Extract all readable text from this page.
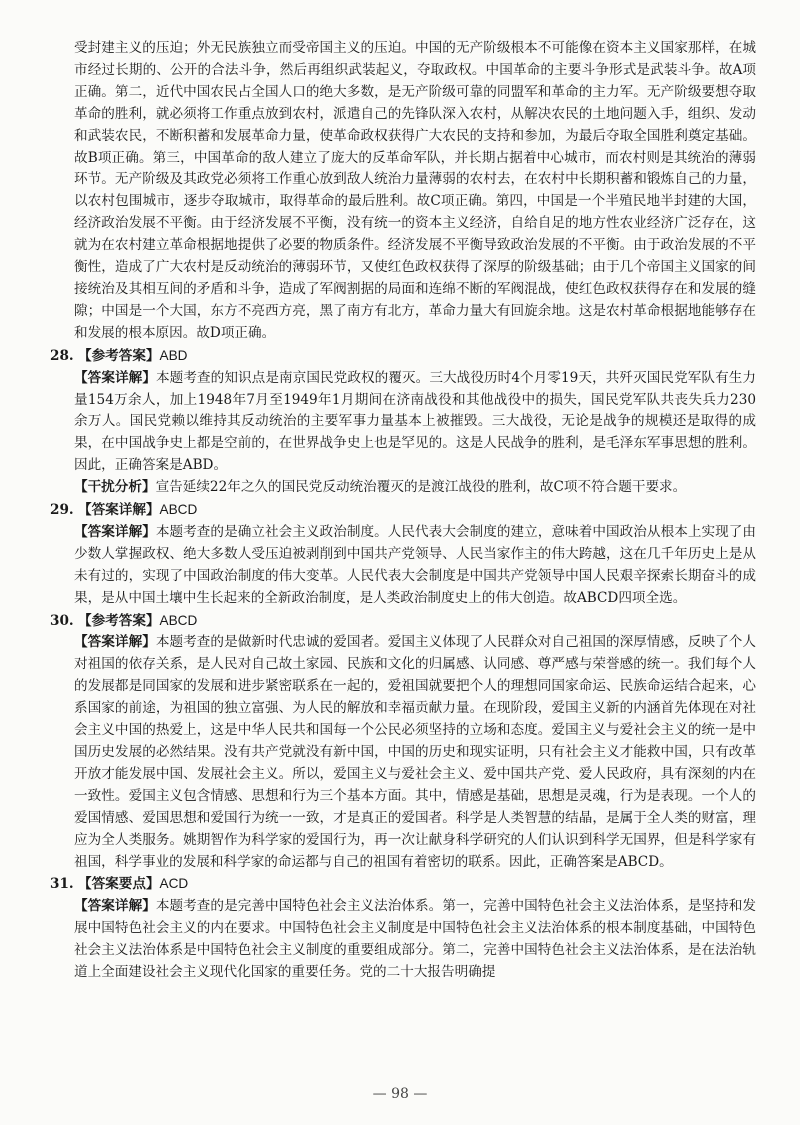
受封建主义的压迫；外无民族独立而受帝国主义的压迫。中国的无产阶级根本不可能像在资本主义国家那样，在城市经过长期的、公开的合法斗争，然后再组织武装起义，夺取政权。中国革命的主要斗争形式是武装斗争。故A项正确。第二，近代中国农民占全国人口的绝大多数，是无产阶级可靠的同盟军和革命的主力军。无产阶级要想夺取革命的胜利，就必须将工作重点放到农村，派遣自己的先锋队深入农村，从解决农民的土地问题入手，组织、发动和武装农民，不断积蓄和发展革命力量，使革命政权获得广大农民的支持和参加，为最后夺取全国胜利奠定基础。故B项正确。第三，中国革命的敌人建立了庞大的反革命军队，并长期占据着中心城市，而农村则是其统治的薄弱环节。无产阶级及其政党必须将工作重心放到敌人统治力量薄弱的农村去，在农村中长期积蓄和锻炼自己的力量，以农村包围城市，逐步夺取城市，取得革命的最后胜利。故C项正确。第四，中国是一个半殖民地半封建的大国，经济政治发展不平衡。由于经济发展不平衡，没有统一的资本主义经济，自给自足的地方性农业经济广泛存在，这就为在农村建立革命根据地提供了必要的物质条件。经济发展不平衡导致政治发展的不平衡。由于政治发展的不平衡性，造成了广大农村是反动统治的薄弱环节，又使红色政权获得了深厚的阶级基础；由于几个帝国主义国家的间接统治及其相互间的矛盾和斗争，造成了军阀割据的局面和连绵不断的军阀混战，使红色政权获得存在和发展的缝隙；中国是一个大国，东方不亮西方亮，黑了南方有北方，革命力量大有回旋余地。这是农村革命根据地能够存在和发展的根本原因。故D项正确。

28. 【参考答案】ABD

【答案详解】本题考查的知识点是南京国民党政权的覆灭。三大战役历时4个月零19天，共歼灭国民党军队有生力量154万余人，加上1948年7月至1949年1月期间在济南战役和其他战役中的损失，国民党军队共丧失兵力230余万人。国民党赖以维持其反动统治的主要军事力量基本上被摧毁。三大战役，无论是战争的规模还是取得的成果，在中国战争史上都是空前的，在世界战争史上也是罕见的。这是人民战争的胜利，是毛泽东军事思想的胜利。因此，正确答案是ABD。

【干扰分析】宣告延续22年之久的国民党反动统治覆灭的是渡江战役的胜利，故C项不符合题干要求。

29. 【答案详解】ABCD

【答案详解】本题考查的是确立社会主义政治制度。人民代表大会制度的建立，意味着中国政治从根本上实现了由少数人掌握政权、绝大多数人受压迫被剥削到中国共产党领导、人民当家作主的伟大跨越，这在几千年历史上是从未有过的，实现了中国政治制度的伟大变革。人民代表大会制度是中国共产党领导中国人民艰辛探索长期奋斗的成果，是从中国土壤中生长起来的全新政治制度，是人类政治制度史上的伟大创造。故ABCD四项全选。

30. 【参考答案】ABCD

【答案详解】本题考查的是做新时代忠诚的爱国者。爱国主义体现了人民群众对自己祖国的深厚情感，反映了个人对祖国的依存关系，是人民对自己故土家园、民族和文化的归属感、认同感、尊严感与荣誉感的统一。我们每个人的发展都是同国家的发展和进步紧密联系在一起的，爱祖国就要把个人的理想同国家命运、民族命运结合起来，心系国家的前途，为祖国的独立富强、为人民的解放和幸福贡献力量。在现阶段，爱国主义新的内涵首先体现在对社会主义中国的热爱上，这是中华人民共和国每一个公民必须坚持的立场和态度。爱国主义与爱社会主义的统一是中国历史发展的必然结果。没有共产党就没有新中国，中国的历史和现实证明，只有社会主义才能救中国，只有改革开放才能发展中国、发展社会主义。所以，爱国主义与爱社会主义、爱中国共产党、爱人民政府，具有深刻的内在一致性。爱国主义包含情感、思想和行为三个基本方面。其中，情感是基础，思想是灵魂，行为是表现。一个人的爱国情感、爱国思想和爱国行为统一一致，才是真正的爱国者。科学是人类智慧的结晶，是属于全人类的财富，理应为全人类服务。姚期智作为科学家的爱国行为，再一次让献身科学研究的人们认识到科学无国界，但是科学家有祖国，科学事业的发展和科学家的命运都与自己的祖国有着密切的联系。因此，正确答案是ABCD。

31. 【答案要点】ACD

【答案详解】本题考查的是完善中国特色社会主义法治体系。第一，完善中国特色社会主义法治体系，是坚持和发展中国特色社会主义的内在要求。中国特色社会主义制度是中国特色社会主义法治体系的根本制度基础，中国特色社会主义法治体系是中国特色社会主义制度的重要组成部分。第二，完善中国特色社会主义法治体系，是在法治轨道上全面建设社会主义现代化国家的重要任务。党的二十大报告明确提

— 98 —
